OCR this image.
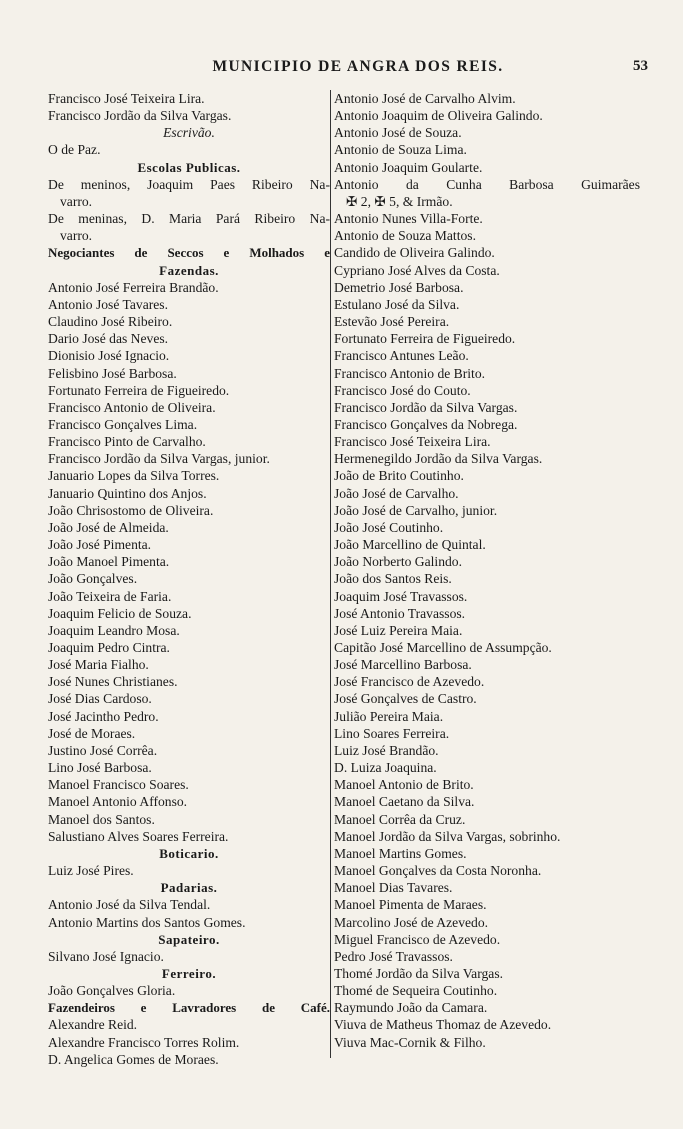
MUNICIPIO DE ANGRA DOS REIS.	53
Francisco José Teixeira Lira.
Francisco Jordão da Silva Vargas.
Escrivão.
O de Paz.
Escolas Publicas.
De meninos, Joaquim Paes Ribeiro Na-
varro.
De meninas, D. Maria Pará Ribeiro Na-
varro.
Negociantes de Seccos e Molhados e
Fazendas.
Antonio José Ferreira Brandão.
Antonio José Tavares.
Claudino José Ribeiro.
Dario José das Neves.
Dionisio José Ignacio.
Felisbino José Barbosa.
Fortunato Ferreira de Figueiredo.
Francisco Antonio de Oliveira.
Francisco Gonçalves Lima.
Francisco Pinto de Carvalho.
Francisco Jordão da Silva Vargas, junior.
Januario Lopes da Silva Torres.
Januario Quintino dos Anjos.
João Chrisostomo de Oliveira.
João José de Almeida.
João José Pimenta.
João Manoel Pimenta.
João Gonçalves.
João Teixeira de Faria.
Joaquim Felicio de Souza.
Joaquim Leandro Mosa.
Joaquim Pedro Cintra.
José Maria Fialho.
José Nunes Christianes.
José Dias Cardoso.
José Jacintho Pedro.
José de Moraes.
Justino José Corrêa.
Lino José Barbosa.
Manoel Francisco Soares.
Manoel Antonio Affonso.
Manoel dos Santos.
Salustiano Alves Soares Ferreira.
Boticario.
Luiz José Pires.
Padarias.
Antonio José da Silva Tendal.
Antonio Martins dos Santos Gomes.
Sapateiro.
Silvano José Ignacio.
Ferreiro.
João Gonçalves Gloria.
Fazendeiros e Lavradores de Café.
Alexandre Reid.
Alexandre Francisco Torres Rolim.
D. Angelica Gomes de Moraes.
Antonio José de Carvalho Alvim.
Antonio Joaquim de Oliveira Galindo.
Antonio José de Souza.
Antonio de Souza Lima.
Antonio Joaquim Goularte.
Antonio da Cunha Barbosa Guimarães
✠ 2, ✠ 5, & Irmão.
Antonio Nunes Villa-Forte.
Antonio de Souza Mattos.
Candido de Oliveira Galindo.
Cypriano José Alves da Costa.
Demetrio José Barbosa.
Estulano José da Silva.
Estevão José Pereira.
Fortunato Ferreira de Figueiredo.
Francisco Antunes Leão.
Francisco Antonio de Brito.
Francisco José do Couto.
Francisco Jordão da Silva Vargas.
Francisco Gonçalves da Nobrega.
Francisco José Teixeira Lira.
Hermenegildo Jordão da Silva Vargas.
João de Brito Coutinho.
João José de Carvalho.
João José de Carvalho, junior.
João José Coutinho.
João Marcellino de Quintal.
João Norberto Galindo.
João dos Santos Reis.
Joaquim José Travassos.
José Antonio Travassos.
José Luiz Pereira Maia.
Capitão José Marcellino de Assumpção.
José Marcellino Barbosa.
José Francisco de Azevedo.
José Gonçalves de Castro.
Julião Pereira Maia.
Lino Soares Ferreira.
Luiz José Brandão.
D. Luiza Joaquina.
Manoel Antonio de Brito.
Manoel Caetano da Silva.
Manoel Corrêa da Cruz.
Manoel Jordão da Silva Vargas, sobrinho.
Manoel Martins Gomes.
Manoel Gonçalves da Costa Noronha.
Manoel Dias Tavares.
Manoel Pimenta de Maraes.
Marcolino José de Azevedo.
Miguel Francisco de Azevedo.
Pedro José Travassos.
Thomé Jordão da Silva Vargas.
Thomé de Sequeira Coutinho.
Raymundo João da Camara.
Viuva de Matheus Thomaz de Azevedo.
Viuva Mac-Cornik & Filho.
